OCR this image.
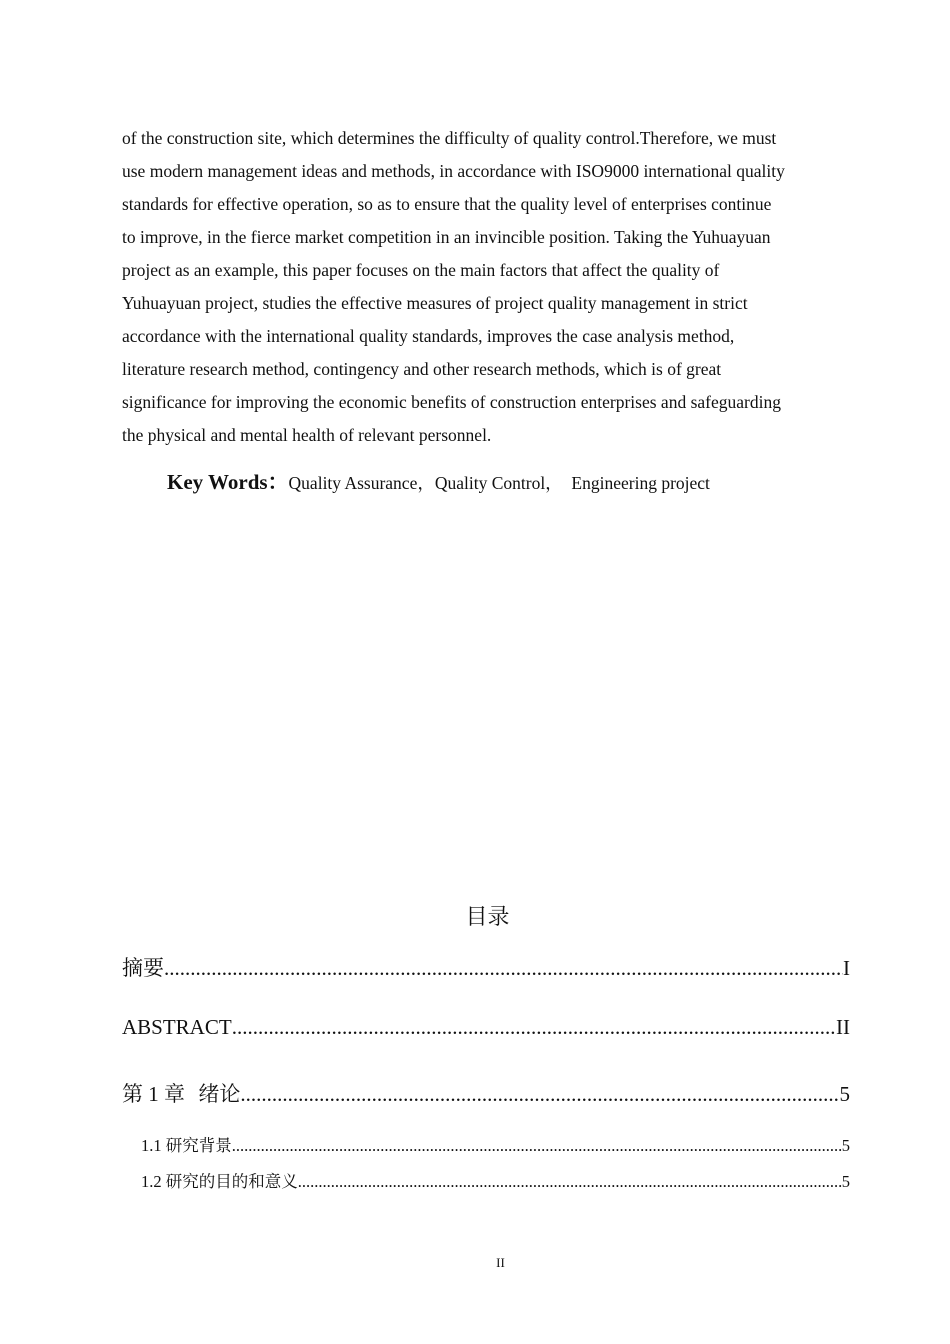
of the construction site, which determines the difficulty of quality control.Therefore, we must

use modern management ideas and methods, in accordance with ISO9000 international quality

standards for effective operation, so as to ensure that the quality level of enterprises continue

to improve, in the fierce market competition in an invincible position. Taking the Yuhuayuan

project as an example, this paper focuses on the main factors that affect the quality of

Yuhuayuan project, studies the effective measures of project quality management in strict

accordance with the international quality standards, improves the case analysis method,

literature research method, contingency and other research methods, which is of great

significance for improving the economic benefits of construction enterprises and safeguarding

the physical and mental health of relevant personnel.

Key Words：Quality Assurance，Quality Control，  Engineering project
目录
摘要 .....	I
ABSTRACT .....	II
第 1 章  绪论 .....	5
1.1 研究背景 .....	5
1.2 研究的目的和意义 .....	5
II
